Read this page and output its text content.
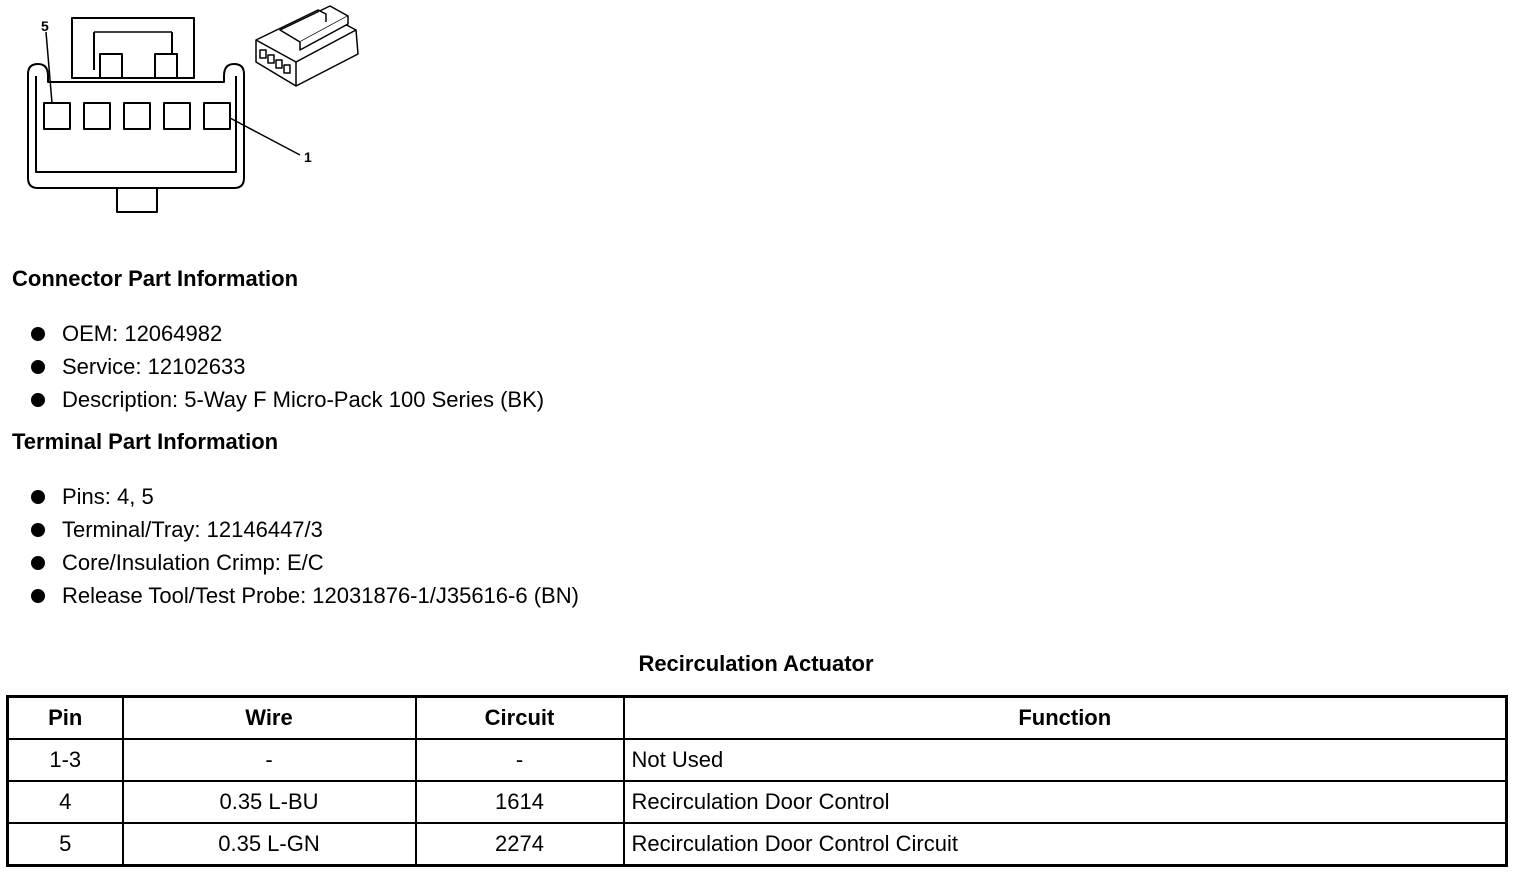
5
1
Connector Part Information
OEM: 12064982
Service: 12102633
Description: 5-Way F Micro-Pack 100 Series (BK)
Terminal Part Information
Pins: 4, 5
Terminal/Tray: 12146447/3
Core/Insulation Crimp: E/C
Release Tool/Test Probe: 12031876-1/J35616-6 (BN)
Recirculation Actuator
Pin	Wire	Circuit	Function
1-3	-	-	Not Used
4	0.35 L-BU	1614	Recirculation Door Control
5	0.35 L-GN	2274	Recirculation Door Control Circuit
